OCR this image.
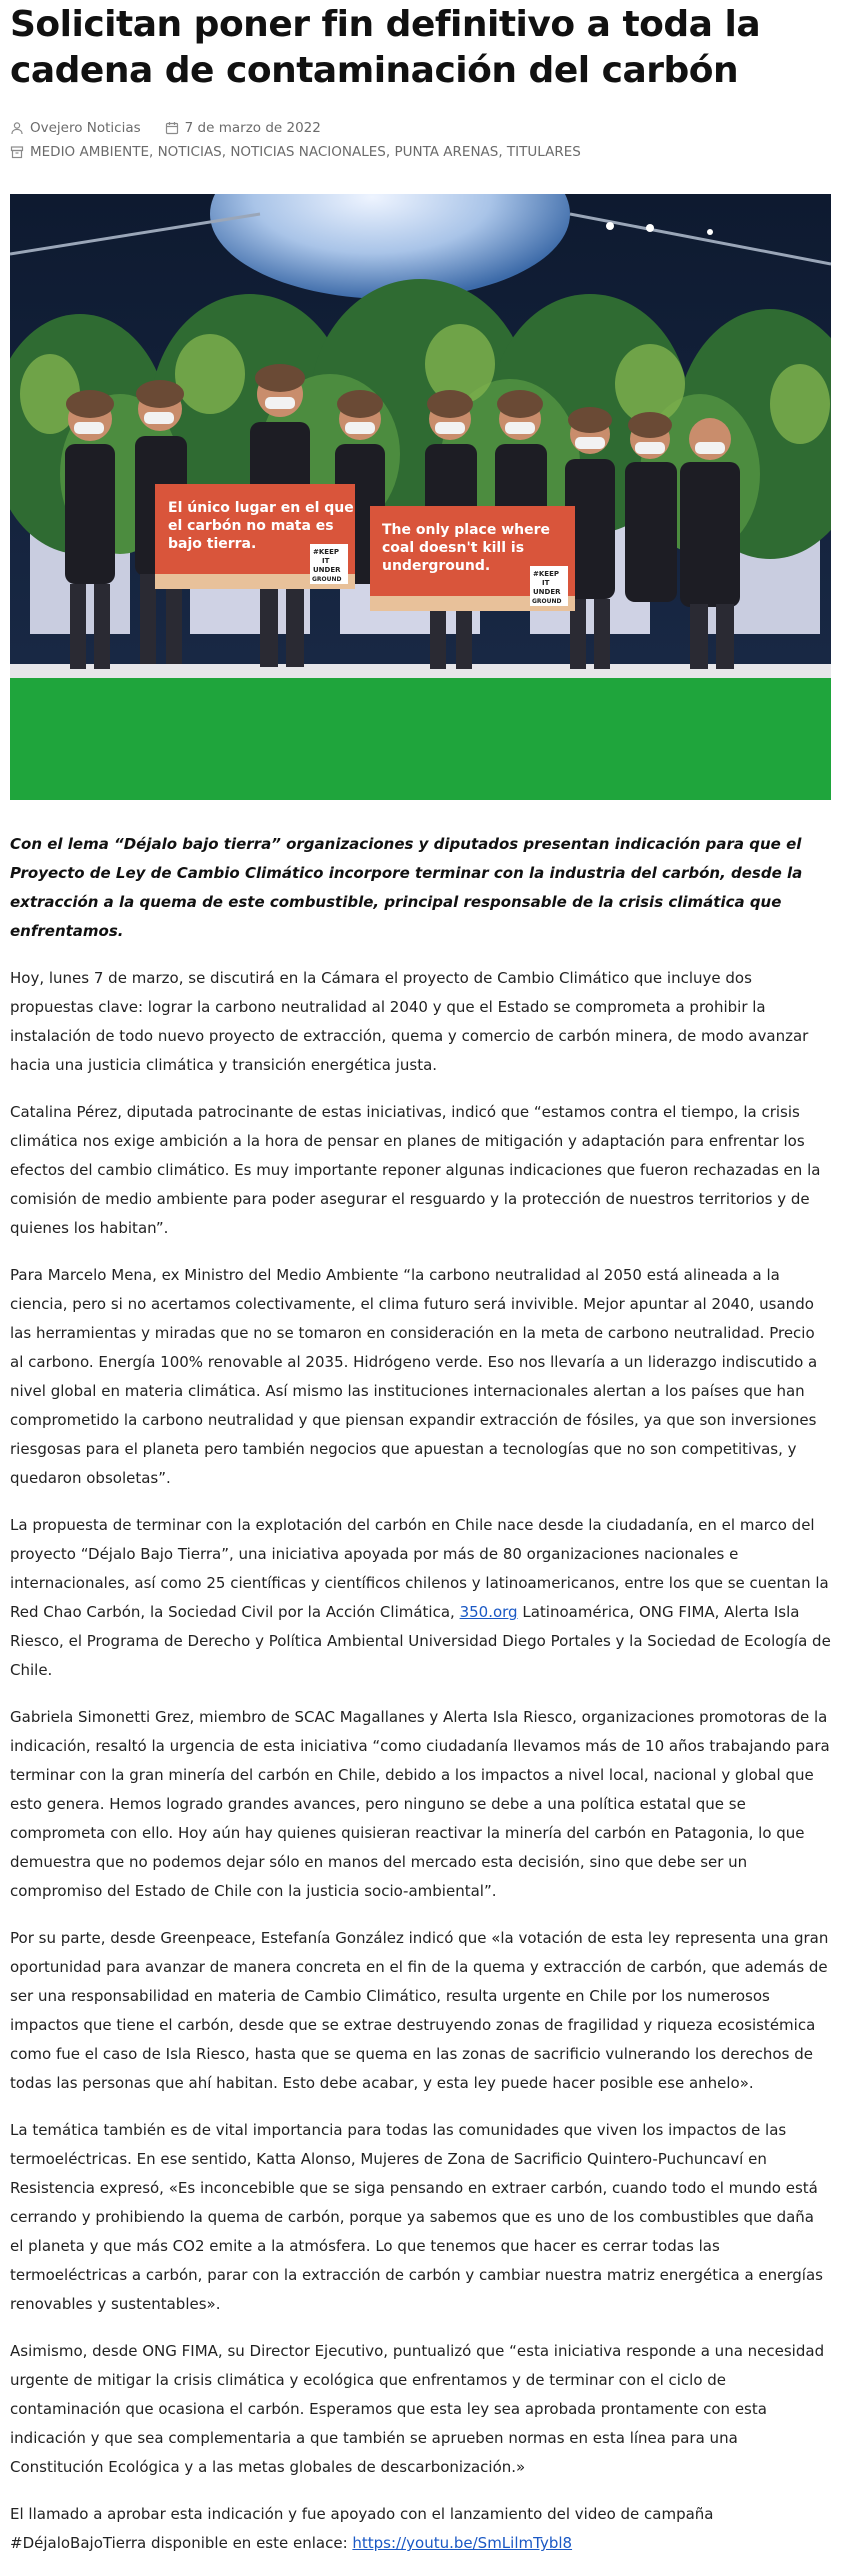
Solicitan poner fin definitivo a toda la cadena de contaminación del carbón
Ovejero Noticias	7 de marzo de 2022
MEDIO AMBIENTE, NOTICIAS, NOTICIAS NACIONALES, PUNTA ARENAS, TITULARES
El único lugar en el que
el carbón no mata es
bajo tierra.	#KEEP
IT
UNDER
GROUND
The only place where
coal doesn't kill is
underground.	#KEEP
IT
UNDER
GROUND

Con el lema “Déjalo bajo tierra” organizaciones y diputados presentan indicación para que el Proyecto de Ley de Cambio Climático incorpore terminar con la industria del carbón, desde la extracción a la quema de este combustible, principal responsable de la crisis climática que enfrentamos.

Hoy, lunes 7 de marzo, se discutirá en la Cámara el proyecto de Cambio Climático que incluye dos propuestas clave: lograr la carbono neutralidad al 2040 y que el Estado se comprometa a prohibir la instalación de todo nuevo proyecto de extracción, quema y comercio de carbón minera, de modo avanzar hacia una justicia climática y transición energética justa.

Catalina Pérez, diputada patrocinante de estas iniciativas, indicó que “estamos contra el tiempo, la crisis climática nos exige ambición a la hora de pensar en planes de mitigación y adaptación para enfrentar los efectos del cambio climático. Es muy importante reponer algunas indicaciones que fueron rechazadas en la comisión de medio ambiente para poder asegurar el resguardo y la protección de nuestros territorios y de quienes los habitan”.

Para Marcelo Mena, ex Ministro del Medio Ambiente “la carbono neutralidad al 2050 está alineada a la ciencia, pero si no acertamos colectivamente, el clima futuro será invivible. Mejor apuntar al 2040, usando las herramientas y miradas que no se tomaron en consideración en la meta de carbono neutralidad. Precio al carbono. Energía 100% renovable al 2035. Hidrógeno verde. Eso nos llevaría a un liderazgo indiscutido a nivel global en materia climática. Así mismo las instituciones internacionales alertan a los países que han comprometido la carbono neutralidad y que piensan expandir extracción de fósiles, ya que son inversiones riesgosas para el planeta pero también negocios que apuestan a tecnologías que no son competitivas, y quedaron obsoletas”.

La propuesta de terminar con la explotación del carbón en Chile nace desde la ciudadanía, en el marco del proyecto “Déjalo Bajo Tierra”, una iniciativa apoyada por más de 80 organizaciones nacionales e internacionales, así como 25 científicas y científicos chilenos y latinoamericanos, entre los que se cuentan la Red Chao Carbón, la Sociedad Civil por la Acción Climática, 350.org Latinoamérica, ONG FIMA, Alerta Isla Riesco, el Programa de Derecho y Política Ambiental Universidad Diego Portales y la Sociedad de Ecología de Chile.

Gabriela Simonetti Grez, miembro de SCAC Magallanes y Alerta Isla Riesco, organizaciones promotoras de la indicación, resaltó la urgencia de esta iniciativa “como ciudadanía llevamos más de 10 años trabajando para terminar con la gran minería del carbón en Chile, debido a los impactos a nivel local, nacional y global que esto genera. Hemos logrado grandes avances, pero ninguno se debe a una política estatal que se comprometa con ello. Hoy aún hay quienes quisieran reactivar la minería del carbón en Patagonia, lo que demuestra que no podemos dejar sólo en manos del mercado esta decisión, sino que debe ser un compromiso del Estado de Chile con la justicia socio-ambiental”.

Por su parte, desde Greenpeace, Estefanía González indicó que «la votación de esta ley representa una gran oportunidad para avanzar de manera concreta en el fin de la quema y extracción de carbón, que además de ser una responsabilidad en materia de Cambio Climático, resulta urgente en Chile por los numerosos impactos que tiene el carbón, desde que se extrae destruyendo zonas de fragilidad y riqueza ecosistémica como fue el caso de Isla Riesco, hasta que se quema en las zonas de sacrificio vulnerando los derechos de todas las personas que ahí habitan. Esto debe acabar, y esta ley puede hacer posible ese anhelo».

La temática también es de vital importancia para todas las comunidades que viven los impactos de las termoeléctricas. En ese sentido, Katta Alonso, Mujeres de Zona de Sacrificio Quintero-Puchuncaví en Resistencia expresó, «Es inconcebible que se siga pensando en extraer carbón, cuando todo el mundo está cerrando y prohibiendo la quema de carbón, porque ya sabemos que es uno de los combustibles que daña el planeta y que más CO2 emite a la atmósfera. Lo que tenemos que hacer es cerrar todas las termoeléctricas a carbón, parar con la extracción de carbón y cambiar nuestra matriz energética a energías renovables y sustentables».

Asimismo, desde ONG FIMA, su Director Ejecutivo, puntualizó que “esta iniciativa responde a una necesidad urgente de mitigar la crisis climática y ecológica que enfrentamos y de terminar con el ciclo de contaminación que ocasiona el carbón. Esperamos que esta ley sea aprobada prontamente con esta indicación y que sea complementaria a que también se aprueben normas en esta línea para una Constitución Ecológica y a las metas globales de descarbonización.»

El llamado a aprobar esta indicación y fue apoyado con el lanzamiento del video de campaña #DéjaloBajoTierra disponible en este enlace: https://youtu.be/SmLilmTybl8
